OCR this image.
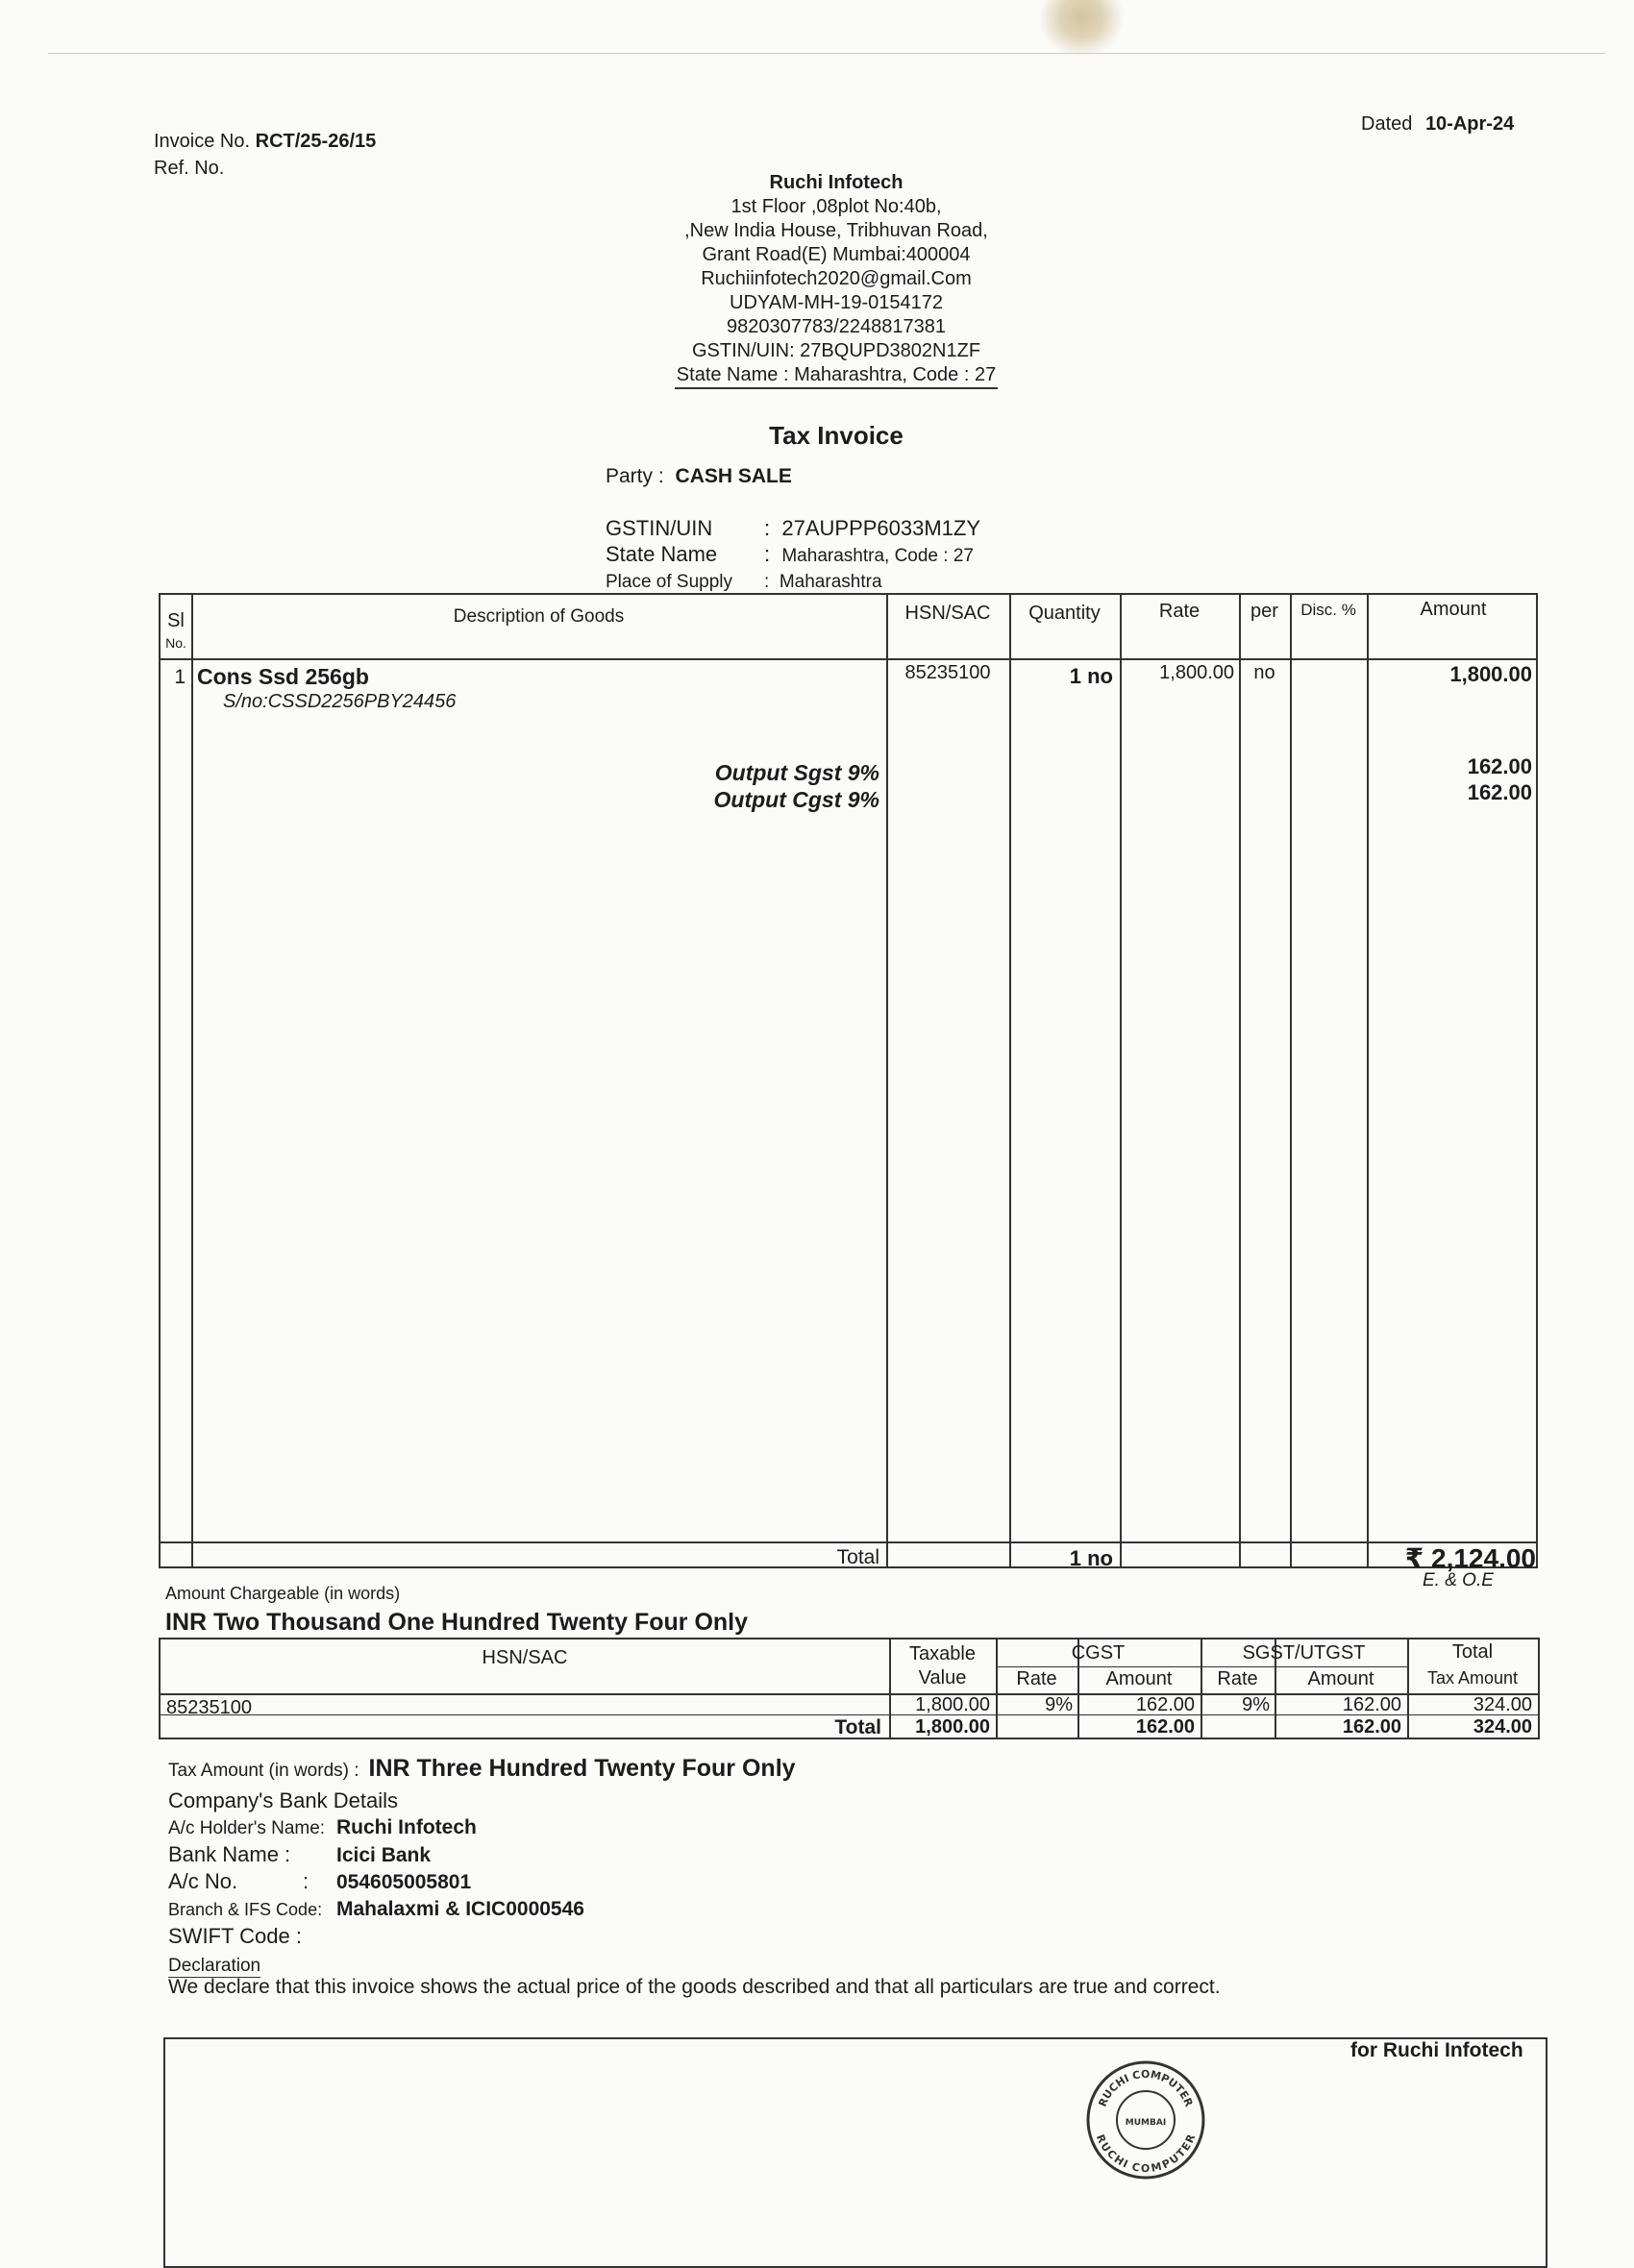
Invoice No. RCT/25-26/15
Ref. No.
Dated 10-Apr-24
Ruchi Infotech
1st Floor ,08plot No:40b,
,New India House, Tribhuvan Road,
Grant Road(E) Mumbai:400004
Ruchiinfotech2020@gmail.Com
UDYAM-MH-19-0154172
9820307783/2248817381
GSTIN/UIN: 27BQUPD3802N1ZF
State Name : Maharashtra, Code : 27
Tax Invoice
Party : CASH SALE
GSTIN/UIN : 27AUPPP6033M1ZY
State Name : Maharashtra, Code : 27
Place of Supply : Maharashtra
Sl
No.
Description of Goods	HSN/SAC	Quantity	Rate	per	Disc. %	Amount
1 Cons Ssd 256gb
S/no:CSSD2256PBY24456
85235100	1 no	1,800.00	no	1,800.00
Output Sgst 9%	162.00
Output Cgst 9%	162.00
Total	1 no	₹ 2,124.00
Amount Chargeable (in words)
E. & O.E
INR Two Thousand One Hundred Twenty Four Only
HSN/SAC	Taxable
Value
CGST	SGST/UTGST
Rate	Amount	Rate	Amount
Total
Tax Amount
85235100	1,800.00	9%	162.00	9%	162.00	324.00
Total	1,800.00	162.00	162.00	324.00
Tax Amount (in words) : INR Three Hundred Twenty Four Only
Company's Bank Details
A/c Holder's Name: Ruchi Infotech
Bank Name : Icici Bank
A/c No.	: 054605005801
Branch & IFS Code: Mahalaxmi & ICIC0000546
SWIFT Code :
Declaration
We declare that this invoice shows the actual price of the goods described and that all particulars are true and correct.
for Ruchi Infotech
RUCHI COMPUTER
RUCHI COMPUTER
MUMBAI
